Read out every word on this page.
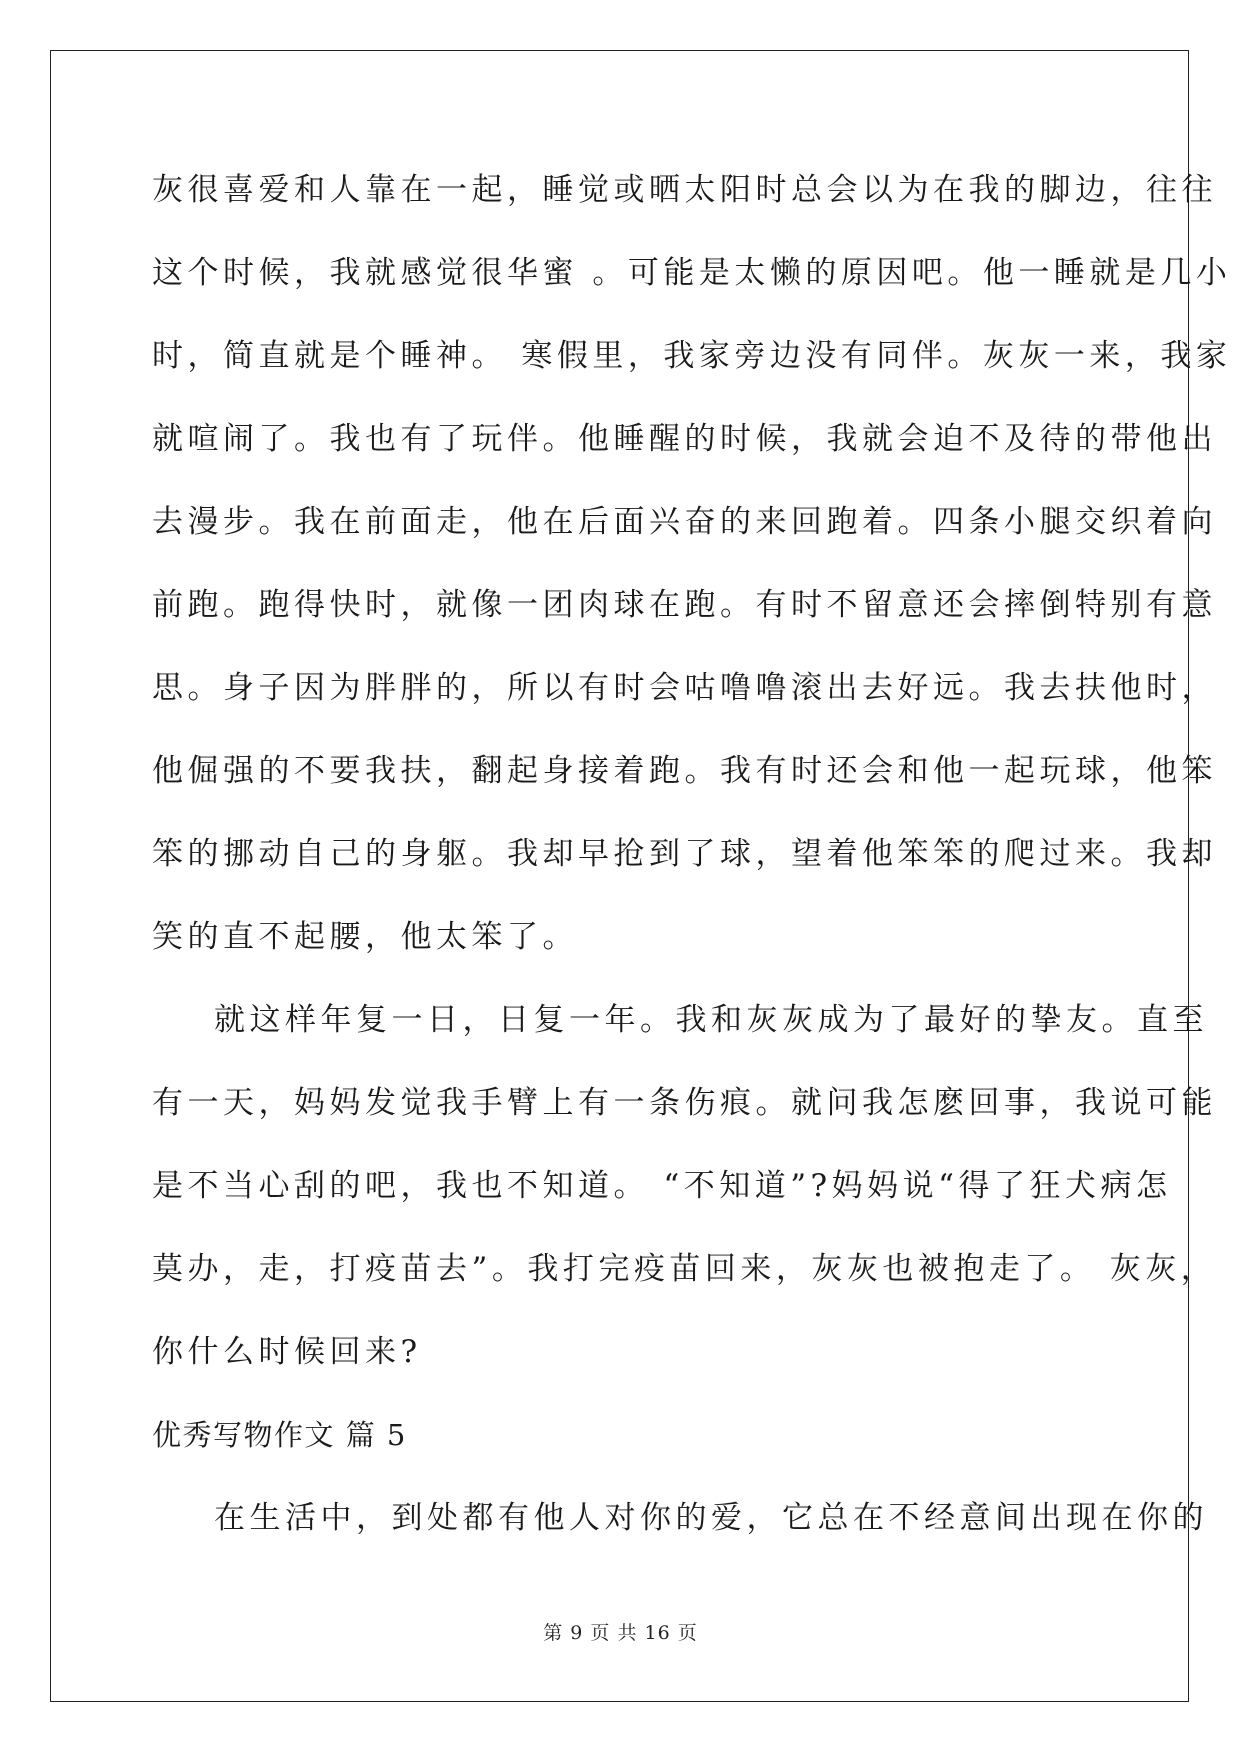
灰很喜爱和人靠在一起，睡觉或晒太阳时总会以为在我的脚边，往往
这个时候，我就感觉很华蜜 。可能是太懒的原因吧。他一睡就是几小
时，简直就是个睡神。 寒假里，我家旁边没有同伴。灰灰一来，我家
就喧闹了。我也有了玩伴。他睡醒的时候，我就会迫不及待的带他出
去漫步。我在前面走，他在后面兴奋的来回跑着。四条小腿交织着向
前跑。跑得快时，就像一团肉球在跑。有时不留意还会摔倒特别有意
思。身子因为胖胖的，所以有时会咕噜噜滚出去好远。我去扶他时，
他倔强的不要我扶，翻起身接着跑。我有时还会和他一起玩球，他笨
笨的挪动自己的身躯。我却早抢到了球，望着他笨笨的爬过来。我却
笑的直不起腰，他太笨了。
就这样年复一日，日复一年。我和灰灰成为了最好的挚友。直至
有一天，妈妈发觉我手臂上有一条伤痕。就问我怎麽回事，我说可能
是不当心刮的吧，我也不知道。 “不知道”?妈妈说“得了狂犬病怎
莫办，走，打疫苗去”。我打完疫苗回来，灰灰也被抱走了。 灰灰，
你什么时候回来?
优秀写物作文 篇 5
在生活中，到处都有他人对你的爱，它总在不经意间出现在你的
第 9 页 共 16 页
